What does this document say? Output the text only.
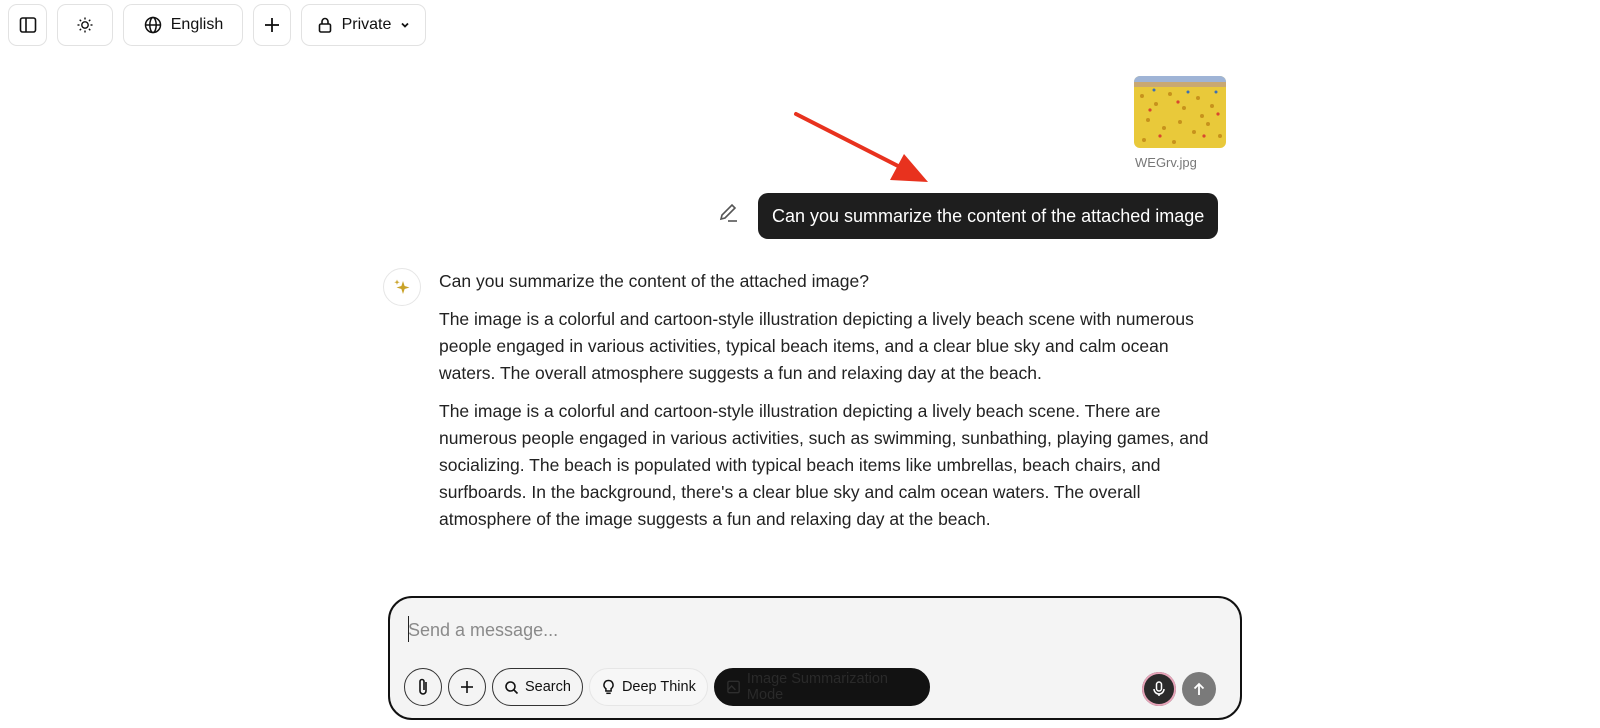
English	Private
WEGrv.jpg
Can you summarize the content of the attached image

Can you summarize the content of the attached image?

The image is a colorful and cartoon-style illustration depicting a lively beach scene with numerous people engaged in various activities, typical beach items, and a clear blue sky and calm ocean waters. The overall atmosphere suggests a fun and relaxing day at the beach.

The image is a colorful and cartoon-style illustration depicting a lively beach scene. There are numerous people engaged in various activities, such as swimming, sunbathing, playing games, and socializing. The beach is populated with typical beach items like umbrellas, beach chairs, and surfboards. In the background, there's a clear blue sky and calm ocean waters. The overall atmosphere of the image suggests a fun and relaxing day at the beach.

Send a message...
Search	Deep Think	Image Summarization Mode
